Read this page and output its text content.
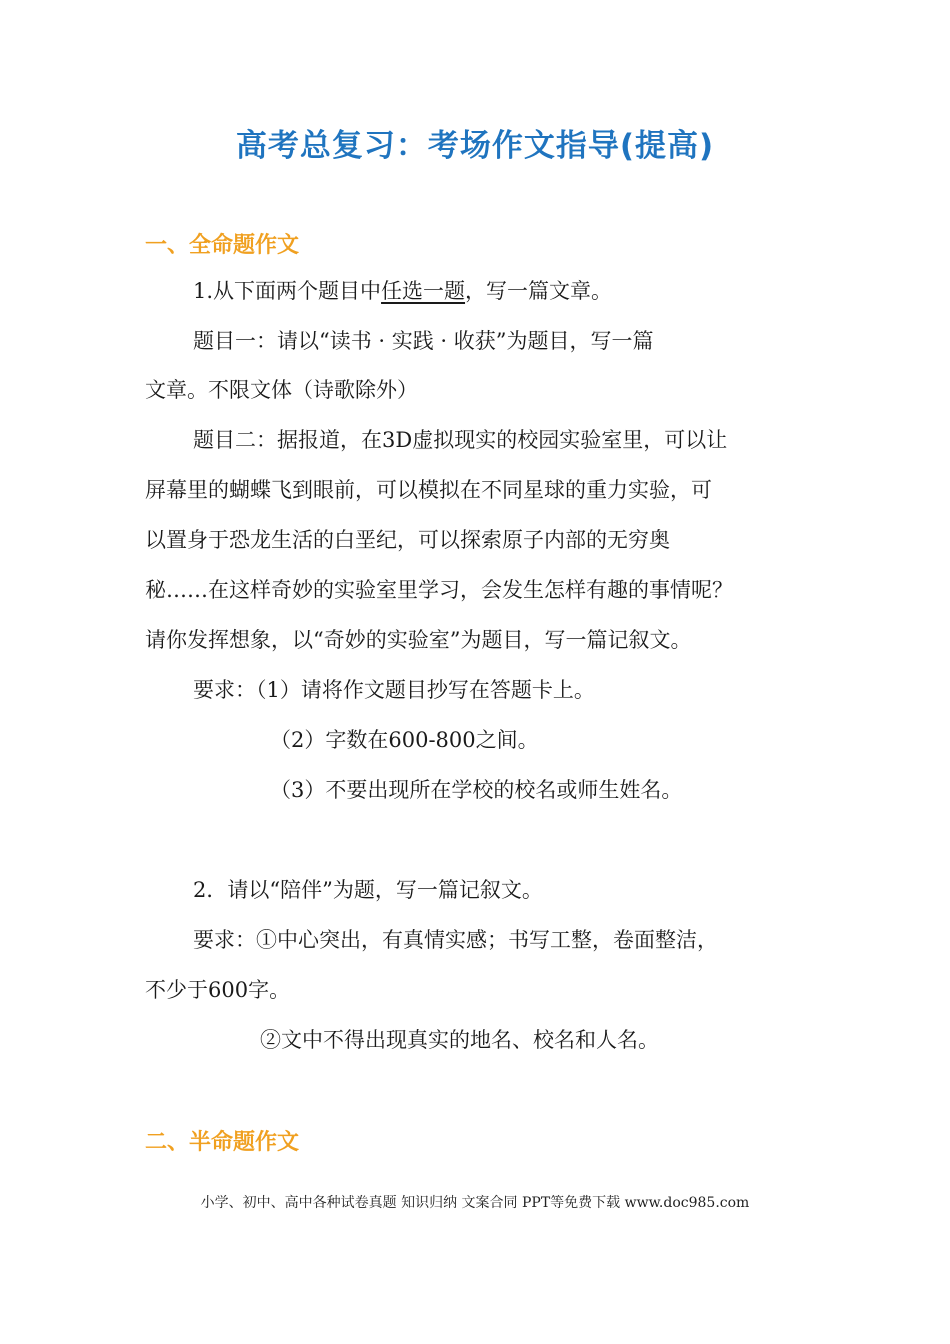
高考总复习：考场作文指导(提高)
一、全命题作文
1.从下面两个题目中任选一题，写一篇文章。
题目一：请以“读书 · 实践 · 收获”为题目，写一篇
文章。不限文体（诗歌除外）
题目二：据报道，在3D虚拟现实的校园实验室里，可以让
屏幕里的蝴蝶飞到眼前，可以模拟在不同星球的重力实验，可
以置身于恐龙生活的白垩纪，可以探索原子内部的无穷奥
秘……在这样奇妙的实验室里学习，会发生怎样有趣的事情呢？
请你发挥想象，以“奇妙的实验室”为题目，写一篇记叙文。
要求：（1）请将作文题目抄写在答题卡上。
（2）字数在600-800之间。
（3）不要出现所在学校的校名或师生姓名。
2．请以“陪伴”为题，写一篇记叙文。
要求：①中心突出，有真情实感；书写工整，卷面整洁，
不少于600字。
②文中不得出现真实的地名、校名和人名。
二、半命题作文
小学、初中、高中各种试卷真题 知识归纳 文案合同 PPT等免费下载 www.doc985.com
